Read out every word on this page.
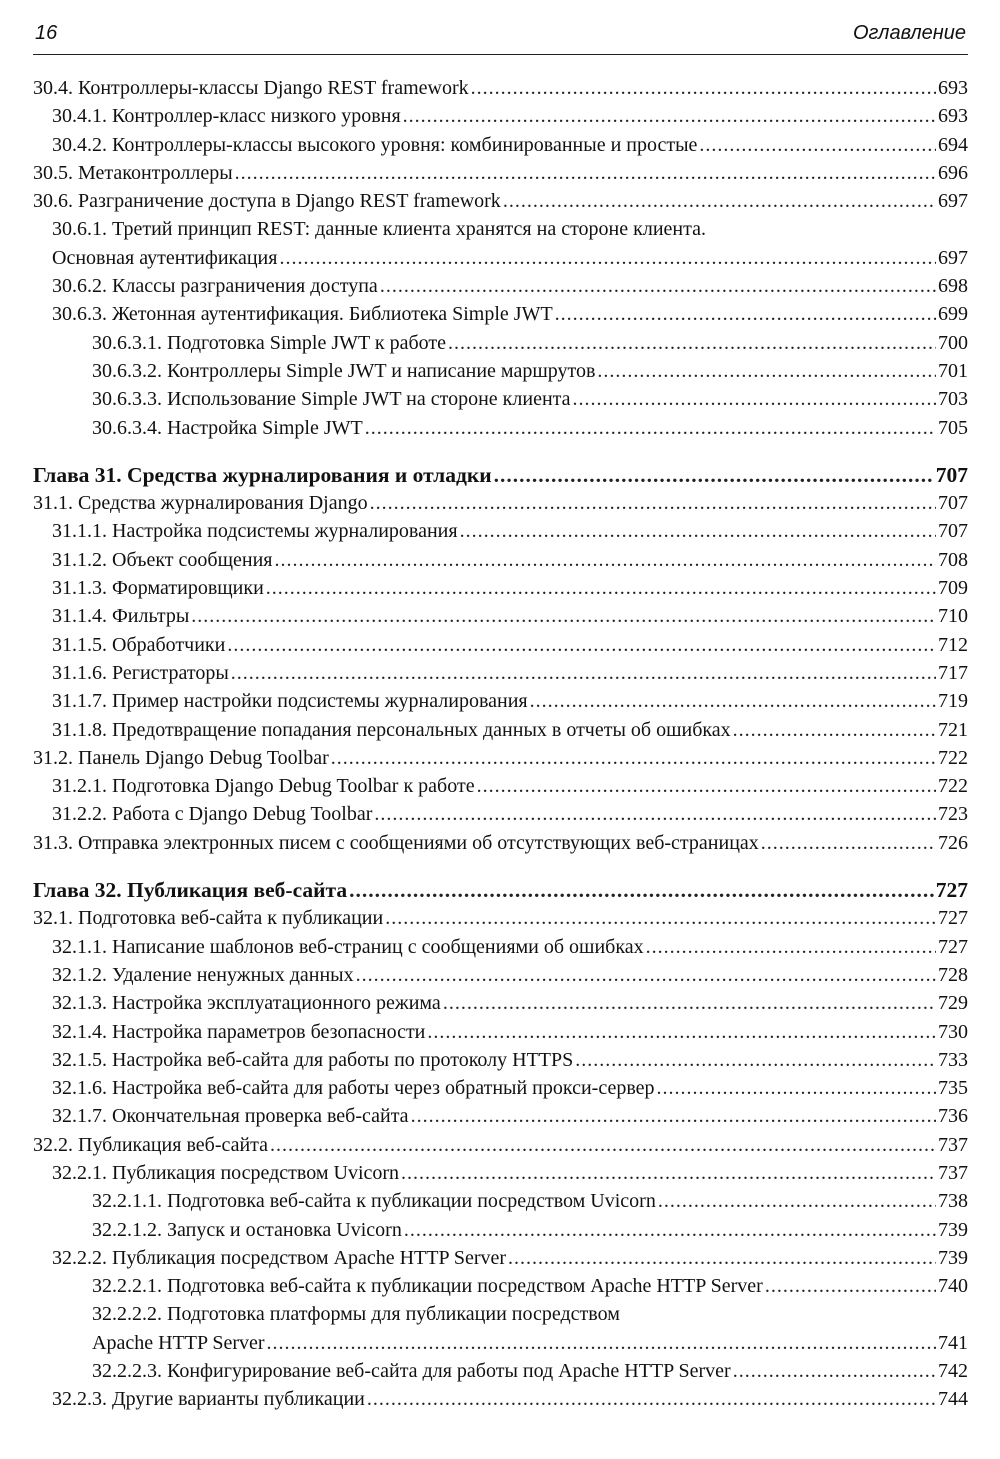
16	Оглавление
30.4. Контроллеры-классы Django REST framework .....	693
30.4.1. Контроллер-класс низкого уровня .....	693
30.4.2. Контроллеры-классы высокого уровня: комбинированные и простые .....	694
30.5. Метаконтроллеры .....	696
30.6. Разграничение доступа в Django REST framework .....	697
30.6.1. Третий принцип REST: данные клиента хранятся на стороне клиента.
Основная аутентификация .....	697
30.6.2. Классы разграничения доступа .....	698
30.6.3. Жетонная аутентификация. Библиотека Simple JWT .....	699
30.6.3.1. Подготовка Simple JWT к работе .....	700
30.6.3.2. Контроллеры Simple JWT и написание маршрутов .....	701
30.6.3.3. Использование Simple JWT на стороне клиента .....	703
30.6.3.4. Настройка Simple JWT .....	705
Глава 31. Средства журналирования и отладки .....	707
31.1. Средства журналирования Django .....	707
31.1.1. Настройка подсистемы журналирования .....	707
31.1.2. Объект сообщения .....	708
31.1.3. Форматировщики .....	709
31.1.4. Фильтры .....	710
31.1.5. Обработчики .....	712
31.1.6. Регистраторы .....	717
31.1.7. Пример настройки подсистемы журналирования .....	719
31.1.8. Предотвращение попадания персональных данных в отчеты об ошибках .....	721
31.2. Панель Django Debug Toolbar .....	722
31.2.1. Подготовка Django Debug Toolbar к работе .....	722
31.2.2. Работа с Django Debug Toolbar .....	723
31.3. Отправка электронных писем с сообщениями об отсутствующих веб-страницах .....	726
Глава 32. Публикация веб-сайта .....	727
32.1. Подготовка веб-сайта к публикации .....	727
32.1.1. Написание шаблонов веб-страниц с сообщениями об ошибках .....	727
32.1.2. Удаление ненужных данных .....	728
32.1.3. Настройка эксплуатационного режима .....	729
32.1.4. Настройка параметров безопасности .....	730
32.1.5. Настройка веб-сайта для работы по протоколу HTTPS .....	733
32.1.6. Настройка веб-сайта для работы через обратный прокси-сервер .....	735
32.1.7. Окончательная проверка веб-сайта .....	736
32.2. Публикация веб-сайта .....	737
32.2.1. Публикация посредством Uvicorn .....	737
32.2.1.1. Подготовка веб-сайта к публикации посредством Uvicorn .....	738
32.2.1.2. Запуск и остановка Uvicorn .....	739
32.2.2. Публикация посредством Apache HTTP Server .....	739
32.2.2.1. Подготовка веб-сайта к публикации посредством Apache HTTP Server .....	740
32.2.2.2. Подготовка платформы для публикации посредством
Apache HTTP Server .....	741
32.2.2.3. Конфигурирование веб-сайта для работы под Apache HTTP Server .....	742
32.2.3. Другие варианты публикации .....	744
